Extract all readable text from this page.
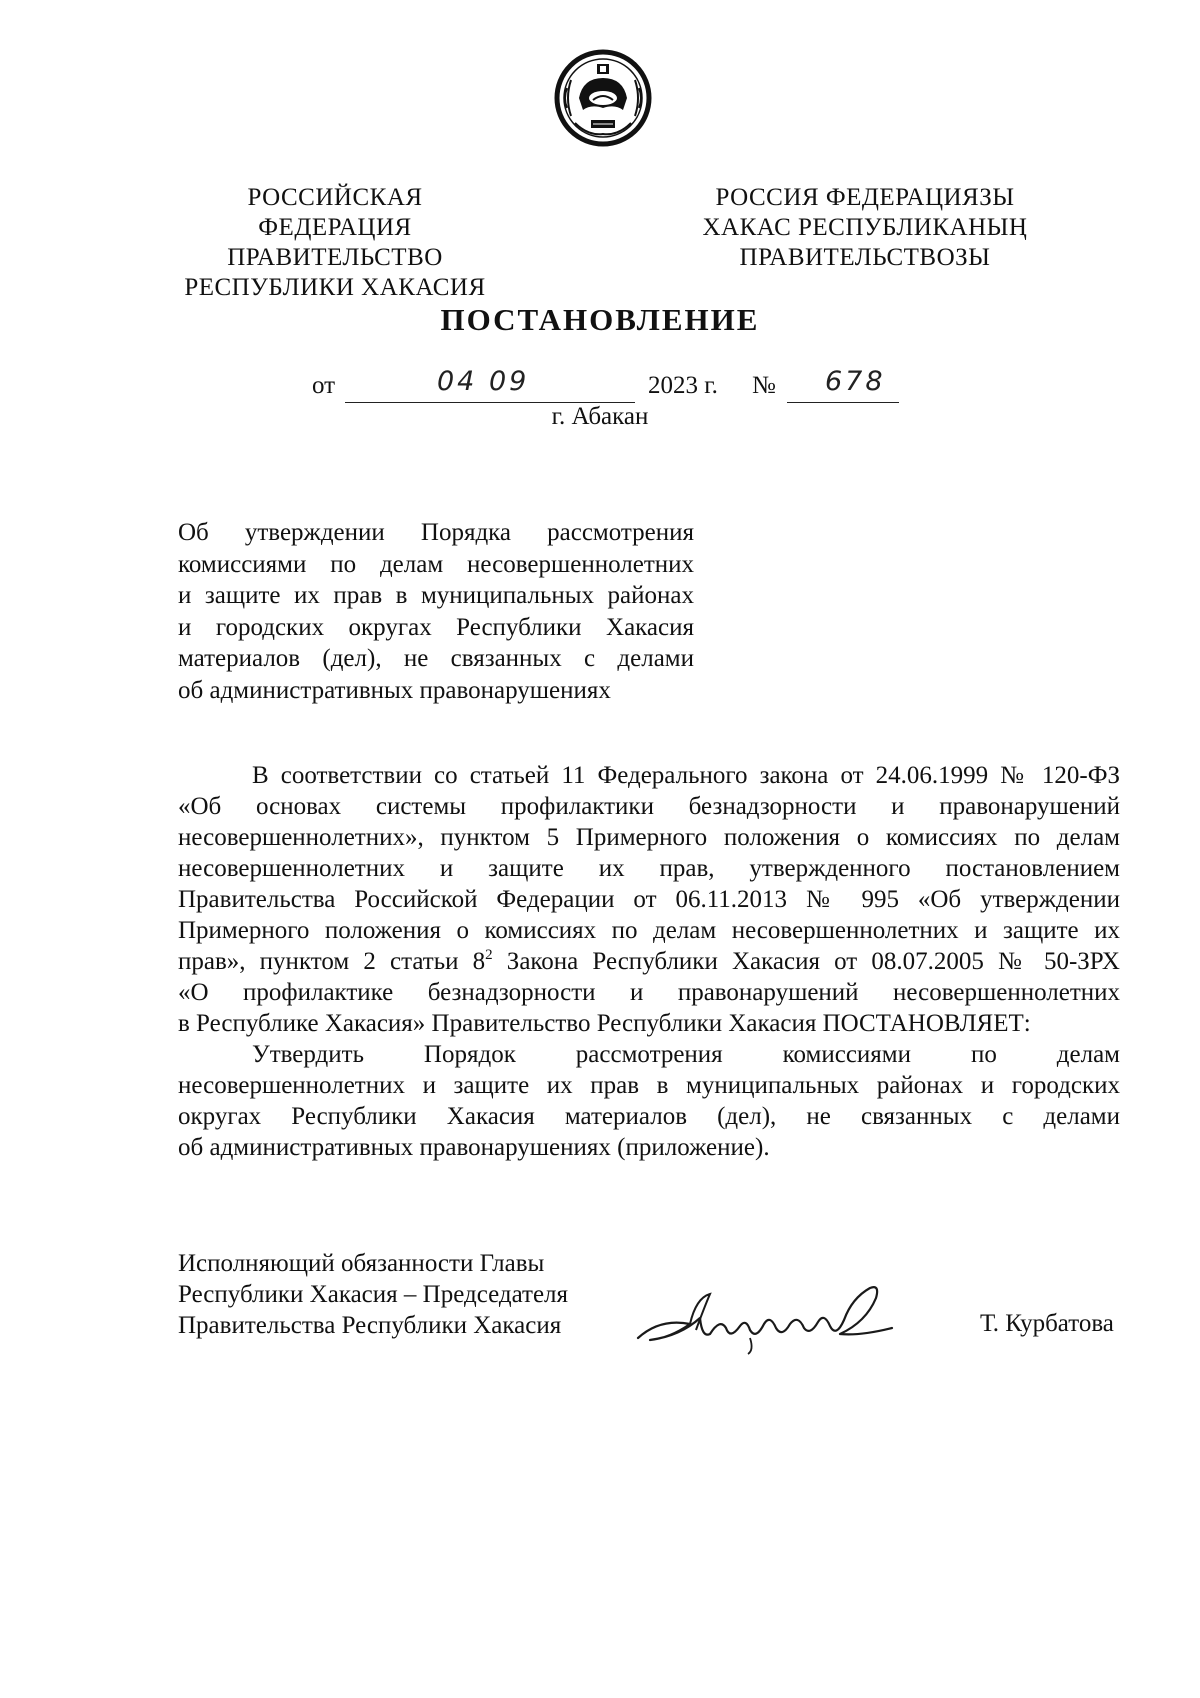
РОССИЙСКАЯ ФЕДЕРАЦИЯ
ПРАВИТЕЛЬСТВО
РЕСПУБЛИКИ ХАКАСИЯ
РОССИЯ ФЕДЕРАЦИЯЗЫ
ХАКАС РЕСПУБЛИКАНЫҢ
ПРАВИТЕЛЬСТВОЗЫ
ПОСТАНОВЛЕНИЕ
от	04 09	2023 г. № 678
г. Абакан
Об утверждении Порядка рассмотрения
комиссиями по делам несовершеннолетних
и защите их прав в муниципальных районах
и городских округах Республики Хакасия
материалов (дел), не связанных с делами
об административных правонарушениях
В соответствии со статьей 11 Федерального закона от 24.06.1999 № 120-ФЗ
«Об основах системы профилактики безнадзорности и правонарушений
несовершеннолетних», пунктом 5 Примерного положения о комиссиях по делам
несовершеннолетних и защите их прав, утвержденного постановлением
Правительства Российской Федерации от 06.11.2013 № 995 «Об утверждении
Примерного положения о комиссиях по делам несовершеннолетних и защите их
прав», пунктом 2 статьи $8^2$ Закона Республики Хакасия от 08.07.2005 № 50-ЗРХ
«О профилактике безнадзорности и правонарушений несовершеннолетних
в Республике Хакасия» Правительство Республики Хакасия ПОСТАНОВЛЯЕТ:
Утвердить Порядок рассмотрения комиссиями по делам
несовершеннолетних и защите их прав в муниципальных районах и городских
округах Республики Хакасия материалов (дел), не связанных с делами
об административных правонарушениях (приложение).
Исполняющий обязанности Главы
Республики Хакасия – Председателя
Правительства Республики Хакасия	Т. Курбатова
